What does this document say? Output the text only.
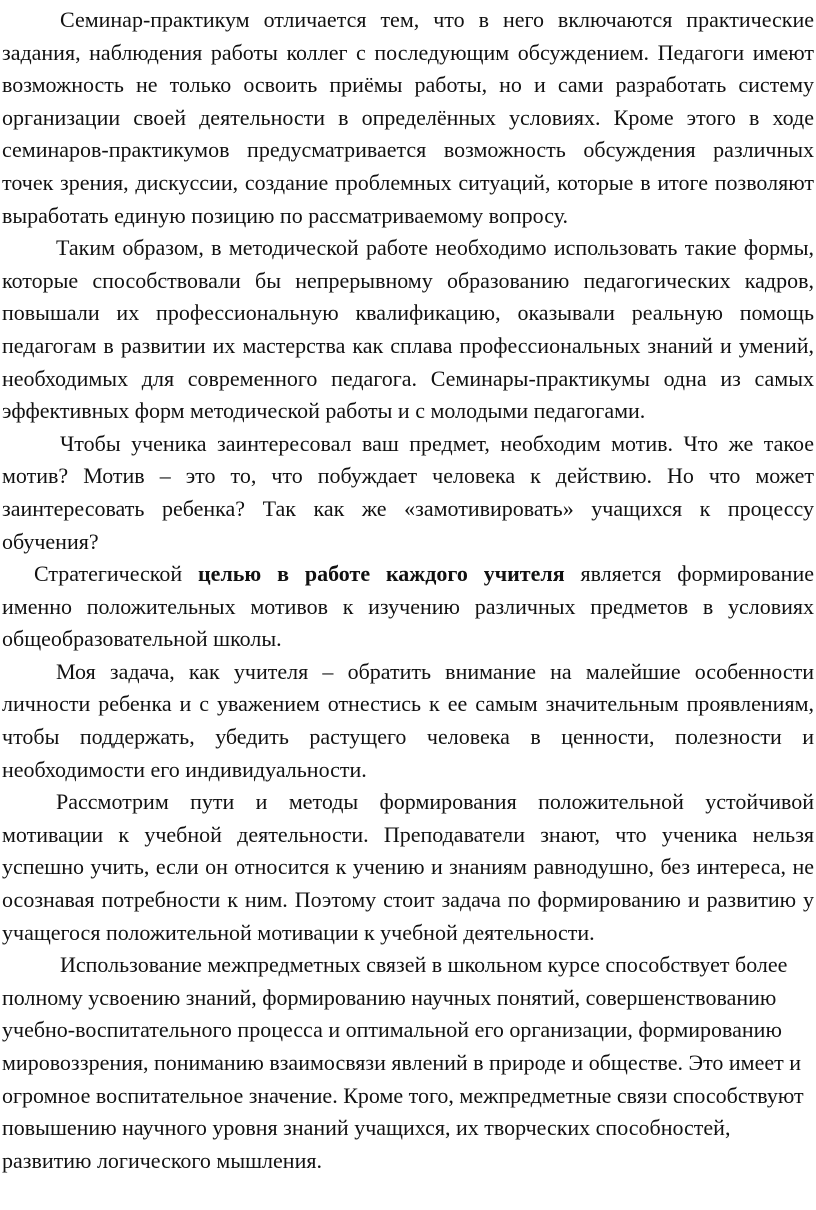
Семинар-практикум отличается тем, что в него включаются практические задания, наблюдения работы коллег с последующим обсуждением. Педагоги имеют возможность не только освоить приёмы работы, но и сами разработать систему организации своей деятельности в определённых условиях. Кроме этого в ходе семинаров-практикумов предусматривается возможность обсуждения различных точек зрения, дискуссии, создание проблемных ситуаций, которые в итоге позволяют выработать единую позицию по рассматриваемому вопросу.

Таким образом, в методической работе необходимо использовать такие формы, которые способствовали бы непрерывному образованию педагогических кадров, повышали их профессиональную квалификацию, оказывали реальную помощь педагогам в развитии их мастерства как сплава профессиональных знаний и умений, необходимых для современного педагога. Семинары-практикумы одна из самых эффективных форм методической работы и с молодыми педагогами.

Чтобы ученика заинтересовал ваш предмет, необходим мотив. Что же такое мотив? Мотив – это то, что побуждает человека к действию. Но что может заинтересовать ребенка? Так как же «замотивировать» учащихся к процессу обучения?

Стратегической целью в работе каждого учителя является формирование именно положительных мотивов к изучению различных предметов в условиях общеобразовательной школы.

Моя задача, как учителя – обратить внимание на малейшие особенности личности ребенка и с уважением отнестись к ее самым значительным проявлениям, чтобы поддержать, убедить растущего человека в ценности, полезности и необходимости его индивидуальности.

Рассмотрим пути и методы формирования положительной устойчивой мотивации к учебной деятельности. Преподаватели знают, что ученика нельзя успешно учить, если он относится к учению и знаниям равнодушно, без интереса, не осознавая потребности к ним. Поэтому стоит задача по формированию и развитию у учащегося положительной мотивации к учебной деятельности.

Использование межпредметных связей в школьном курсе способствует более полному усвоению знаний, формированию научных понятий, совершенствованию учебно-воспитательного процесса и оптимальной его организации, формированию мировоззрения, пониманию взаимосвязи явлений в природе и обществе. Это имеет и огромное воспитательное значение. Кроме того, межпредметные связи способствуют повышению научного уровня знаний учащихся, их творческих способностей, развитию логического мышления.
